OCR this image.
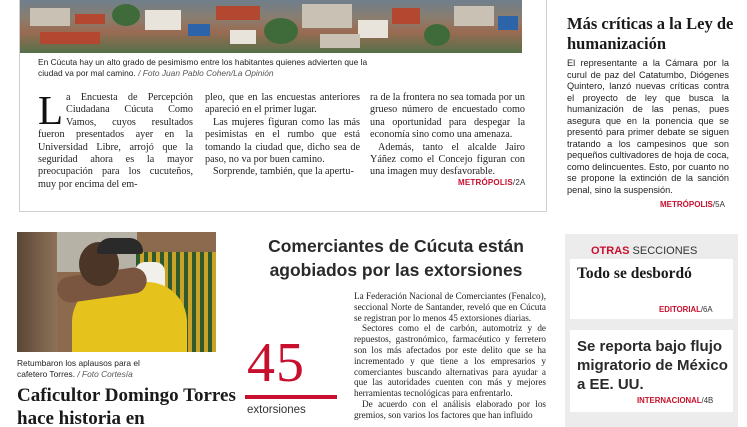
En Cúcuta hay un alto grado de pesimismo entre los habitantes quienes advierten que la ciudad va por mal camino. / Foto Juan Pablo Cohen/La Opinión
L a Encuesta de Percepción Ciudadana Cúcuta Como Vamos, cuyos resultados fueron presentados ayer en la Universidad Libre, arrojó que la seguridad ahora es la mayor preocupación para los cucuteños, muy por encima del em-

pleo, que en las encuestas anteriores apareció en el primer lugar.

Las mujeres figuran como las más pesimistas en el rumbo que está tomando la ciudad que, dicho sea de paso, no va por buen camino.

Sorprende, también, que la apertu-

ra de la frontera no sea tomada por un grueso número de encuestado como una oportunidad para despegar la economía sino como una amenaza.

Además, tanto el alcalde Jairo Yáñez como el Concejo figuran con una imagen muy desfavorable.

METRÓPOLIS/2A
Más críticas a la Ley de humanización
El representante a la Cámara por la curul de paz del Catatumbo, Diógenes Quintero, lanzó nuevas críticas contra el proyecto de ley que busca la humanización de las penas, pues asegura que en la ponencia que se presentó para primer debate se siguen tratando a los campesinos que son pequeños cultivadores de hoja de coca, como delincuentes. Esto, por cuanto no se propone la extinción de la sanción penal, sino la suspensión.
METRÓPOLIS/5A
Retumbaron los aplausos para el cafetero Torres. / Foto Cortesía
Caficultor Domingo Torres hace historia en
Comerciantes de Cúcuta están agobiados por las extorsiones
45
extorsiones

La Federación Nacional de Comerciantes (Fenalco), seccional Norte de Santander, reveló que en Cúcuta se registran por lo menos 45 extorsiones diarias.

Sectores como el de carbón, automotriz y de repuestos, gastronómico, farmacéutico y ferretero son los más afectados por este delito que se ha incrementado y que tiene a los empresarios y comerciantes buscando alternativas para ayudar a que las autoridades cuenten con más y mejores herramientas tecnológicas para enfrentarlo.

De acuerdo con el análisis elaborado por los gremios, son varios los factores que han influido

OTRAS SECCIONES
Todo se desbordó
EDITORIAL/6A
Se reporta bajo flujo migratorio de México a EE. UU.
INTERNACIONAL/4B
